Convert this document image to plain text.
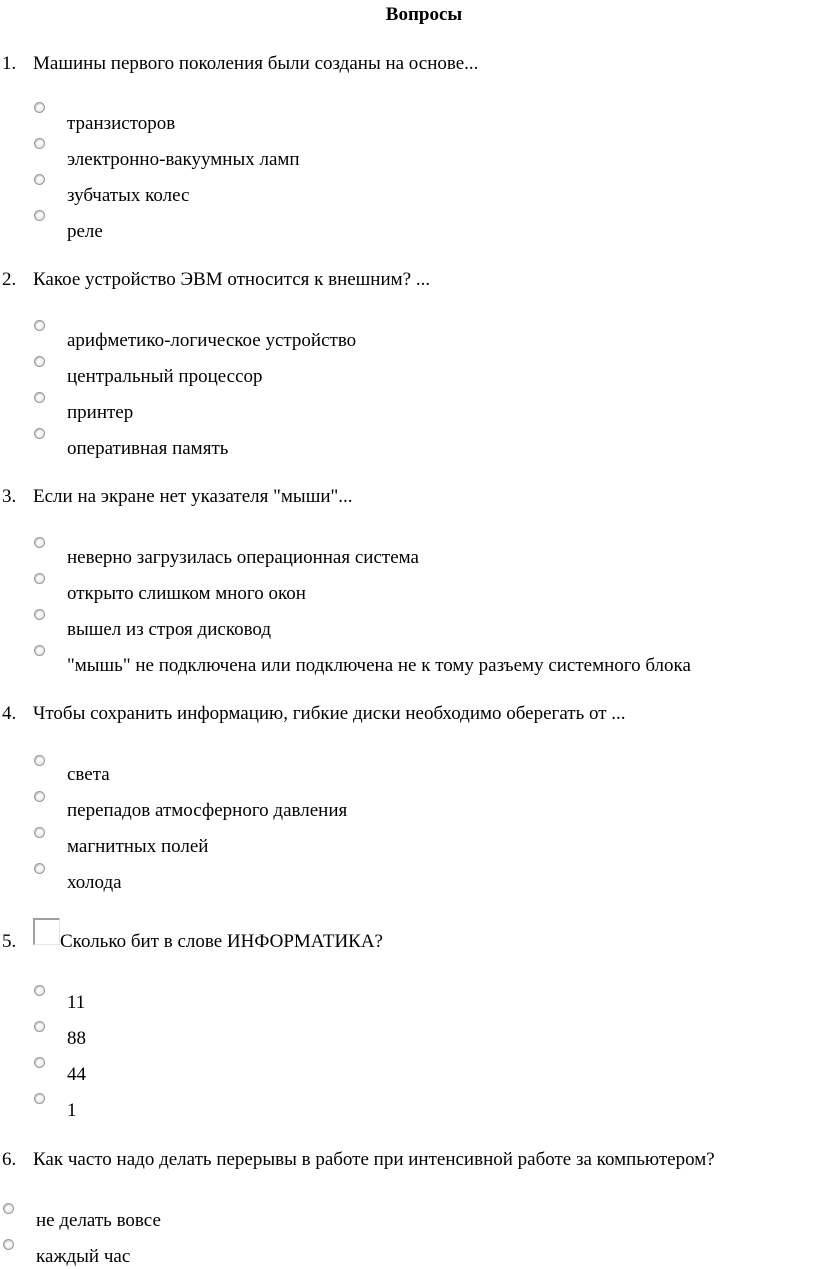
Вопросы
1. Машины первого поколения были созданы на основе...
транзисторов
электронно-вакуумных ламп
зубчатых колес
реле
2. Какое устройство ЭВМ относится к внешним? ...
арифметико-логическое устройство
центральный процессор
принтер
оперативная память
3. Если на экране нет указателя "мыши"...
неверно загрузилась операционная система
открыто слишком много окон
вышел из строя дисковод
"мышь" не подключена или подключена не к тому разъему системного блока
4. Чтобы сохранить информацию, гибкие диски необходимо оберегать от ...
света
перепадов атмосферного давления
магнитных полей
холода
5. Сколько бит в слове ИНФОРМАТИКА?
11
88
44
1
6. Как часто надо делать перерывы в работе при интенсивной работе за компьютером?
не делать вовсе
каждый час
